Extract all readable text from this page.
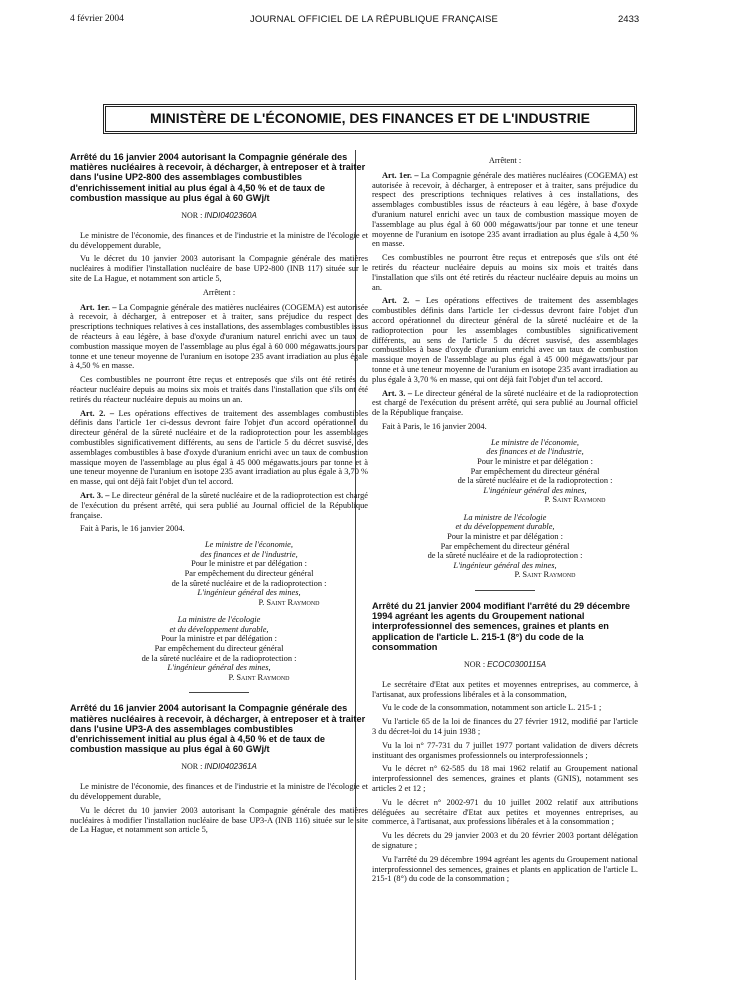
4 février 2004	JOURNAL OFFICIEL DE LA RÉPUBLIQUE FRANÇAISE	2433
MINISTÈRE DE L'ÉCONOMIE, DES FINANCES ET DE L'INDUSTRIE
Arrêté du 16 janvier 2004 autorisant la Compagnie générale des matières nucléaires à recevoir, à décharger, à entreposer et à traiter dans l'usine UP2-800 des assemblages combustibles d'enrichissement initial au plus égal à 4,50 % et de taux de combustion massique au plus égal à 60 GWj/t
NOR : INDI0402360A

Le ministre de l'économie, des finances et de l'industrie et la ministre de l'écologie et du développement durable,

Vu le décret du 10 janvier 2003 autorisant la Compagnie générale des matières nucléaires à modifier l'installation nucléaire de base UP2-800 (INB 117) située sur le site de La Hague, et notamment son article 5,

Arrêtent :

Art. 1er. – La Compagnie générale des matières nucléaires (COGEMA) est autorisée à recevoir, à décharger, à entreposer et à traiter, sans préjudice du respect des prescriptions techniques relatives à ces installations, des assemblages combustibles issus de réacteurs à eau légère, à base d'oxyde d'uranium naturel enrichi avec un taux de combustion massique moyen de l'assemblage au plus égal à 60 000 mégawatts.jours par tonne et une teneur moyenne de l'uranium en isotope 235 avant irradiation au plus égale à 4,50 % en masse.

Ces combustibles ne pourront être reçus et entreposés que s'ils ont été retirés du réacteur nucléaire depuis au moins six mois et traités dans l'installation que s'ils ont été retirés du réacteur nucléaire depuis au moins un an.

Art. 2. – Les opérations effectives de traitement des assemblages combustibles définis dans l'article 1er ci-dessus devront faire l'objet d'un accord opérationnel du directeur général de la sûreté nucléaire et de la radioprotection pour les assemblages combustibles significativement différents, au sens de l'article 5 du décret susvisé, des assemblages combustibles à base d'oxyde d'uranium enrichi avec un taux de combustion massique moyen de l'assemblage au plus égal à 45 000 mégawatts.jours par tonne et à une teneur moyenne de l'uranium en isotope 235 avant irradiation au plus égale à 3,70 % en masse, qui ont déjà fait l'objet d'un tel accord.

Art. 3. – Le directeur général de la sûreté nucléaire et de la radioprotection est chargé de l'exécution du présent arrêté, qui sera publié au Journal officiel de la République française.

Fait à Paris, le 16 janvier 2004.

Le ministre de l'économie,
des finances et de l'industrie,
Pour le ministre et par délégation :
Par empêchement du directeur général
de la sûreté nucléaire et de la radioprotection :
L'ingénieur général des mines,
P. Saint Raymond
La ministre de l'écologie
et du développement durable,
Pour la ministre et par délégation :
Par empêchement du directeur général
de la sûreté nucléaire et de la radioprotection :
L'ingénieur général des mines,
P. Saint Raymond
Arrêté du 16 janvier 2004 autorisant la Compagnie générale des matières nucléaires à recevoir, à décharger, à entreposer et à traiter dans l'usine UP3-A des assemblages combustibles d'enrichissement initial au plus égal à 4,50 % et de taux de combustion massique au plus égal à 60 GWj/t
NOR : INDI0402361A

Le ministre de l'économie, des finances et de l'industrie et la ministre de l'écologie et du développement durable,

Vu le décret du 10 janvier 2003 autorisant la Compagnie générale des matières nucléaires à modifier l'installation nucléaire de base UP3-A (INB 116) située sur le site de La Hague, et notamment son article 5,

Arrêtent :

Art. 1er. – La Compagnie générale des matières nucléaires (COGEMA) est autorisée à recevoir, à décharger, à entreposer et à traiter, sans préjudice du respect des prescriptions techniques relatives à ces installations, des assemblages combustibles issus de réacteurs à eau légère, à base d'oxyde d'uranium naturel enrichi avec un taux de combustion massique moyen de l'assemblage au plus égal à 60 000 mégawatts/jour par tonne et une teneur moyenne de l'uranium en isotope 235 avant irradiation au plus égale à 4,50 % en masse.

Ces combustibles ne pourront être reçus et entreposés que s'ils ont été retirés du réacteur nucléaire depuis au moins six mois et traités dans l'installation que s'ils ont été retirés du réacteur nucléaire depuis au moins un an.

Art. 2. – Les opérations effectives de traitement des assemblages combustibles définis dans l'article 1er ci-dessus devront faire l'objet d'un accord opérationnel du directeur général de la sûreté nucléaire et de la radioprotection pour les assemblages combustibles significativement différents, au sens de l'article 5 du décret susvisé, des assemblages combustibles à base d'oxyde d'uranium enrichi avec un taux de combustion massique moyen de l'assemblage au plus égal à 45 000 mégawatts/jour par tonne et à une teneur moyenne de l'uranium en isotope 235 avant irradiation au plus égale à 3,70 % en masse, qui ont déjà fait l'objet d'un tel accord.

Art. 3. – Le directeur général de la sûreté nucléaire et de la radioprotection est chargé de l'exécution du présent arrêté, qui sera publié au Journal officiel de la République française.

Fait à Paris, le 16 janvier 2004.

Le ministre de l'économie,
des finances et de l'industrie,
Pour le ministre et par délégation :
Par empêchement du directeur général
de la sûreté nucléaire et de la radioprotection :
L'ingénieur général des mines,
P. Saint Raymond
La ministre de l'écologie
et du développement durable,
Pour la ministre et par délégation :
Par empêchement du directeur général
de la sûreté nucléaire et de la radioprotection :
L'ingénieur général des mines,
P. Saint Raymond
Arrêté du 21 janvier 2004 modifiant l'arrêté du 29 décembre 1994 agréant les agents du Groupement national interprofessionnel des semences, graines et plants en application de l'article L. 215-1 (8°) du code de la consommation
NOR : ECOC0300115A

Le secrétaire d'Etat aux petites et moyennes entreprises, au commerce, à l'artisanat, aux professions libérales et à la consommation,

Vu le code de la consommation, notamment son article L. 215-1 ;

Vu l'article 65 de la loi de finances du 27 février 1912, modifié par l'article 3 du décret-loi du 14 juin 1938 ;

Vu la loi n° 77-731 du 7 juillet 1977 portant validation de divers décrets instituant des organismes professionnels ou interprofessionnels ;

Vu le décret n° 62-585 du 18 mai 1962 relatif au Groupement national interprofessionnel des semences, graines et plants (GNIS), notamment ses articles 2 et 12 ;

Vu le décret n° 2002-971 du 10 juillet 2002 relatif aux attributions déléguées au secrétaire d'Etat aux petites et moyennes entreprises, au commerce, à l'artisanat, aux professions libérales et à la consommation ;

Vu les décrets du 29 janvier 2003 et du 20 février 2003 portant délégation de signature ;

Vu l'arrêté du 29 décembre 1994 agréant les agents du Groupement national interprofessionnel des semences, graines et plants en application de l'article L. 215-1 (8°) du code de la consommation ;
